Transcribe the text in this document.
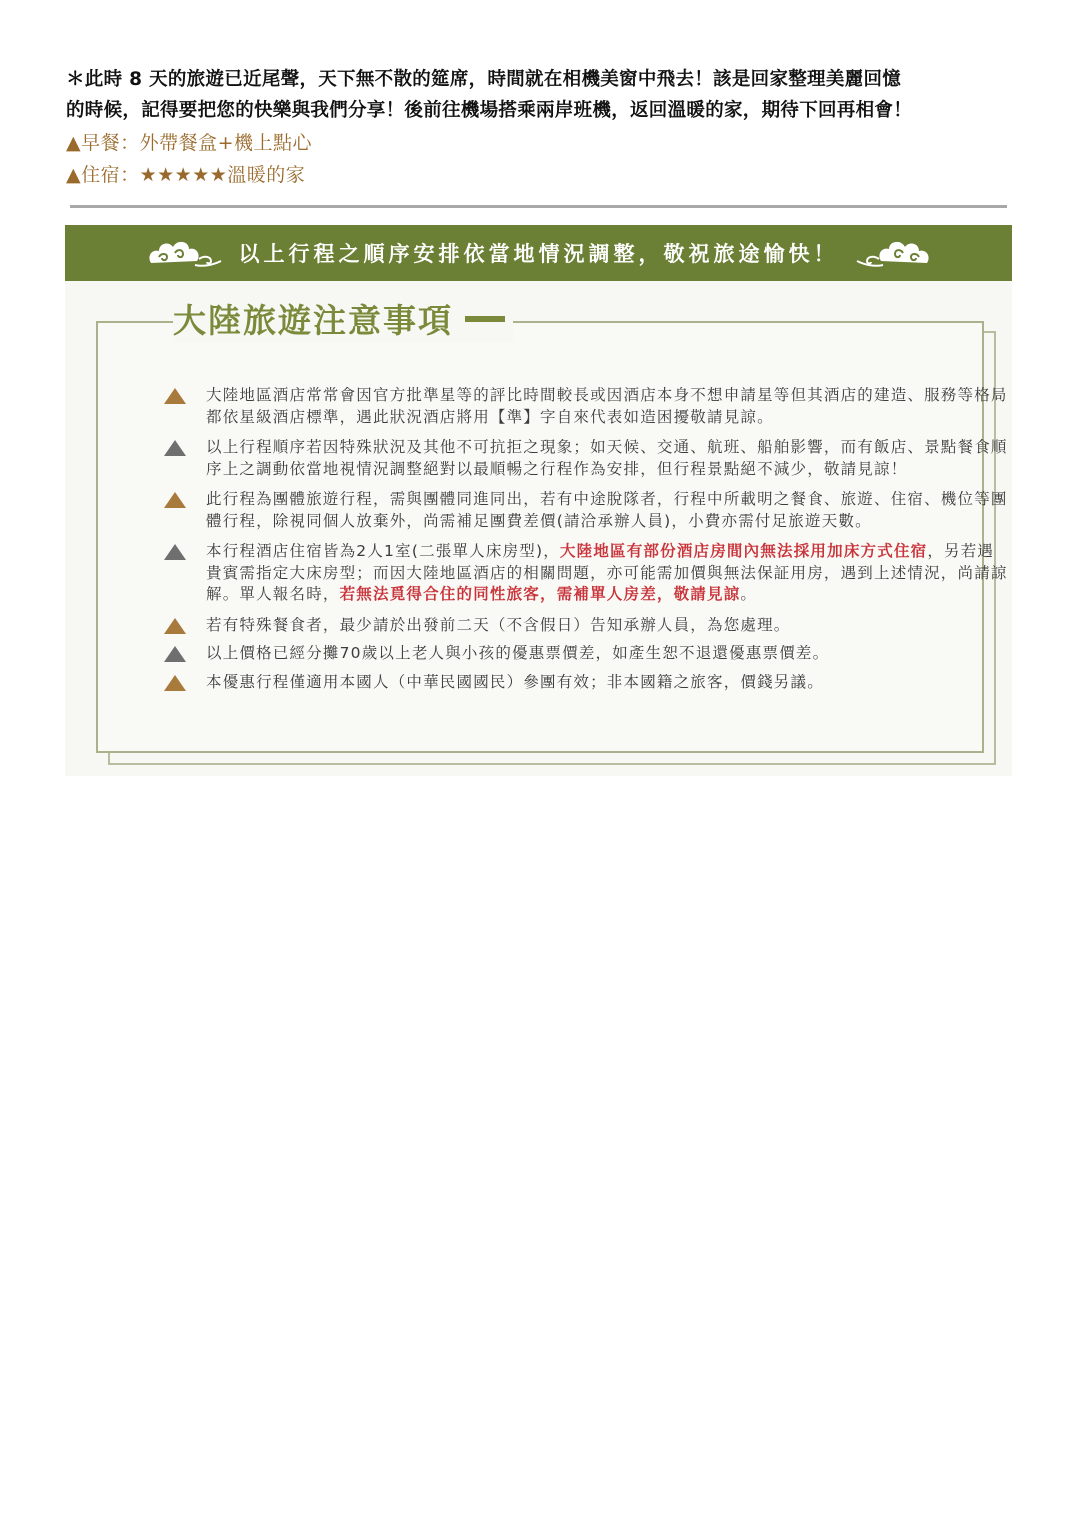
＊此時 8 天的旅遊已近尾聲，天下無不散的筵席，時間就在相機美窗中飛去！該是回家整理美麗回憶
的時候，記得要把您的快樂與我們分享！後前往機場搭乘兩岸班機，返回溫暖的家，期待下回再相會！
▲早餐：外帶餐盒+機上點心
▲住宿：★★★★★溫暖的家
以上行程之順序安排依當地情況調整，敬祝旅途愉快！
大陸地區酒店常常會因官方批準星等的評比時間較長或因酒店本身不想申請星等但其酒店的建造、服務等格局都依星級酒店標準，遇此狀況酒店將用【準】字自來代表如造困擾敬請見諒。
以上行程順序若因特殊狀況及其他不可抗拒之現象；如天候、交通、航班、船舶影響，而有飯店、景點餐食順序上之調動依當地視情況調整絕對以最順暢之行程作為安排，但行程景點絕不減少，敬請見諒！
此行程為團體旅遊行程，需與團體同進同出，若有中途脫隊者，行程中所載明之餐食、旅遊、住宿、機位等團體行程，除視同個人放棄外，尚需補足團費差價(請洽承辦人員)，小費亦需付足旅遊天數。
本行程酒店住宿皆為2人1室(二張單人床房型)，大陸地區有部份酒店房間內無法採用加床方式住宿，另若遇貴賓需指定大床房型；而因大陸地區酒店的相關問題，亦可能需加價與無法保証用房，遇到上述情況，尚請諒解。單人報名時，若無法覓得合住的同性旅客，需補單人房差，敬請見諒。
若有特殊餐食者，最少請於出發前二天（不含假日）告知承辦人員，為您處理。
以上價格已經分攤70歲以上老人與小孩的優惠票價差，如產生恕不退還優惠票價差。
本優惠行程僅適用本國人（中華民國國民）參團有效；非本國籍之旅客，價錢另議。
大陸旅遊注意事項
